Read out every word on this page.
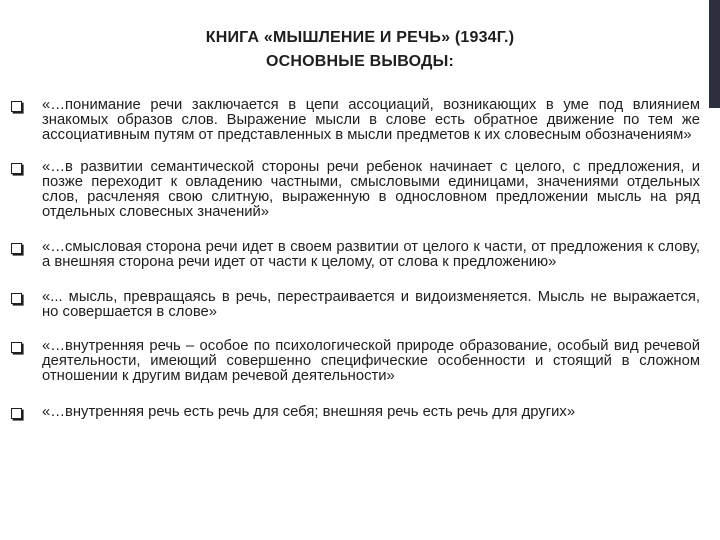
КНИГА «МЫШЛЕНИЕ И РЕЧЬ» (1934Г.)
ОСНОВНЫЕ ВЫВОДЫ:

«…понимание речи заключается в цепи ассоциаций, возникающих в уме под влиянием знакомых образов слов. Выражение мысли в слове есть обратное движение по тем же ассоциативным путям от представленных в мысли предметов к их словесным обозначениям»

«…в развитии семантической стороны речи ребенок начинает с целого, с предложения, и позже переходит к овладению частными, смысловыми единицами, значениями отдельных слов, расчленяя свою слитную, выраженную в однословном предложении мысль на ряд отдельных словесных значений»

«…смысловая сторона речи идет в своем развитии от целого к части, от предложения к слову, а внешняя сторона речи идет от части к целому, от слова к предложению»

«... мысль, превращаясь в речь, перестраивается и видоизменяется. Мысль не выражается, но совершается в слове»

«…внутренняя речь – особое по психологической природе образование, особый вид речевой деятельности, имеющий совершенно специфические особенности и стоящий в сложном отношении к другим видам речевой деятельности»

«…внутренняя речь есть речь для себя; внешняя речь есть речь для других»
